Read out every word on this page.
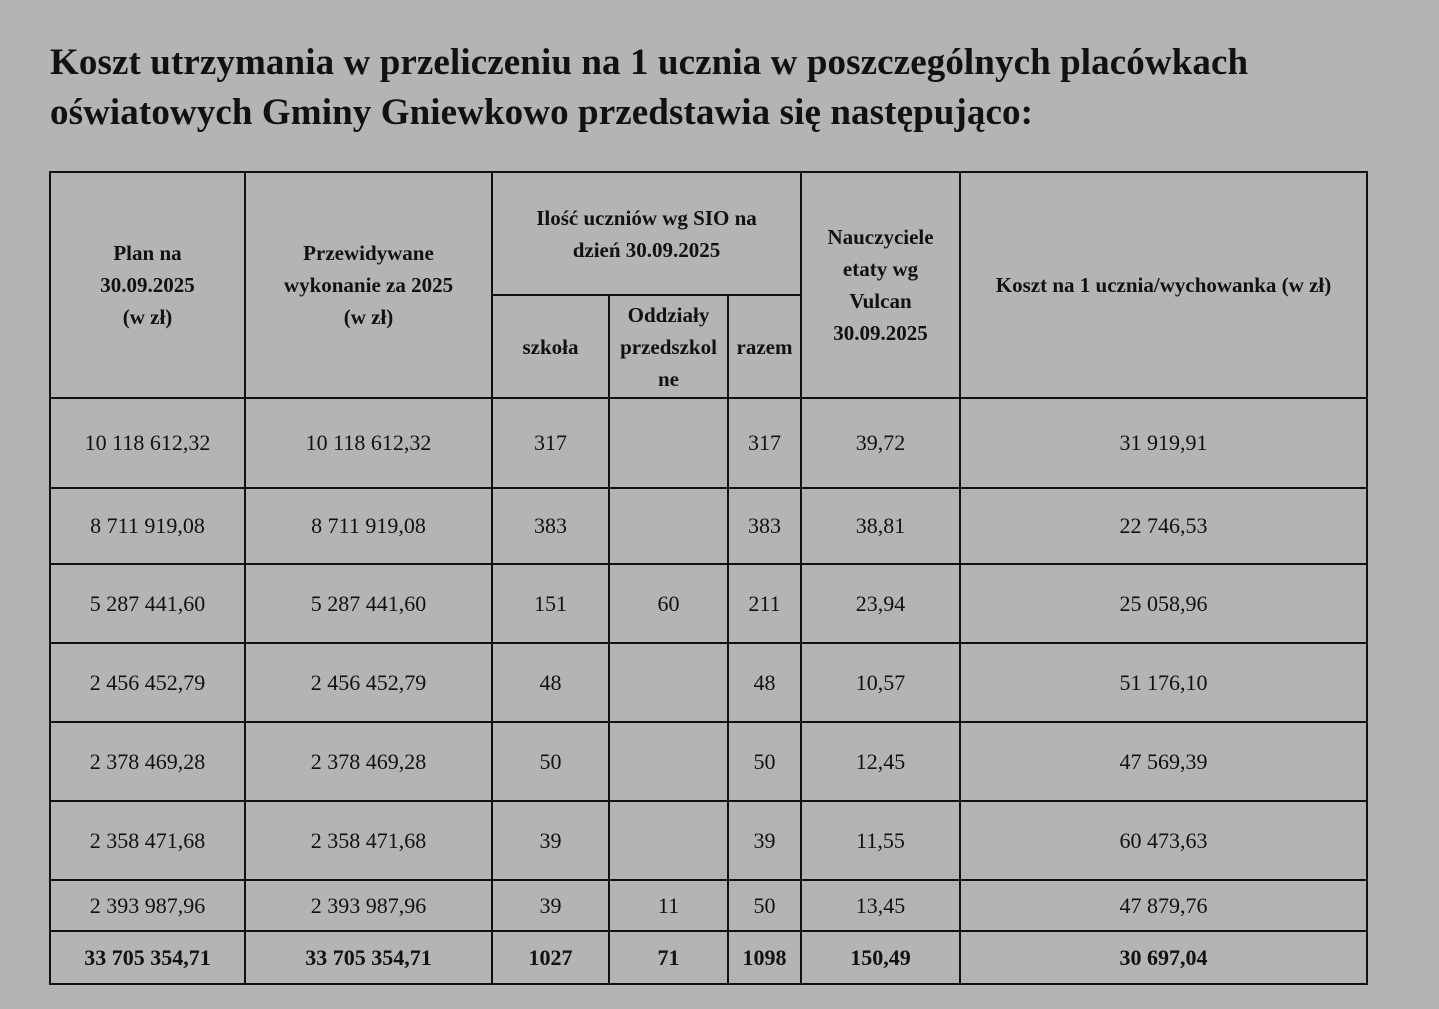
Koszt utrzymania w przeliczeniu na 1 ucznia w poszczególnych placówkach
oświatowych Gminy Gniewkowo przedstawia się następująco:
Plan na
30.09.2025
(w zł)	Przewidywane
wykonanie za 2025
(w zł)	Ilość uczniów wg SIO na
dzień 30.09.2025			Nauczyciele
etaty wg
Vulcan
30.09.2025	Koszt na 1 ucznia/wychowanka (w zł)
		szkoła	Oddziały
przedszkol
ne	razem		
10 118 612,32	10 118 612,32	317		317	39,72	31 919,91
8 711 919,08	8 711 919,08	383		383	38,81	22 746,53
5 287 441,60	5 287 441,60	151	60	211	23,94	25 058,96
2 456 452,79	2 456 452,79	48		48	10,57	51 176,10
2 378 469,28	2 378 469,28	50		50	12,45	47 569,39
2 358 471,68	2 358 471,68	39		39	11,55	60 473,63
2 393 987,96	2 393 987,96	39	11	50	13,45	47 879,76
33 705 354,71	33 705 354,71	1027	71	1098	150,49	30 697,04
